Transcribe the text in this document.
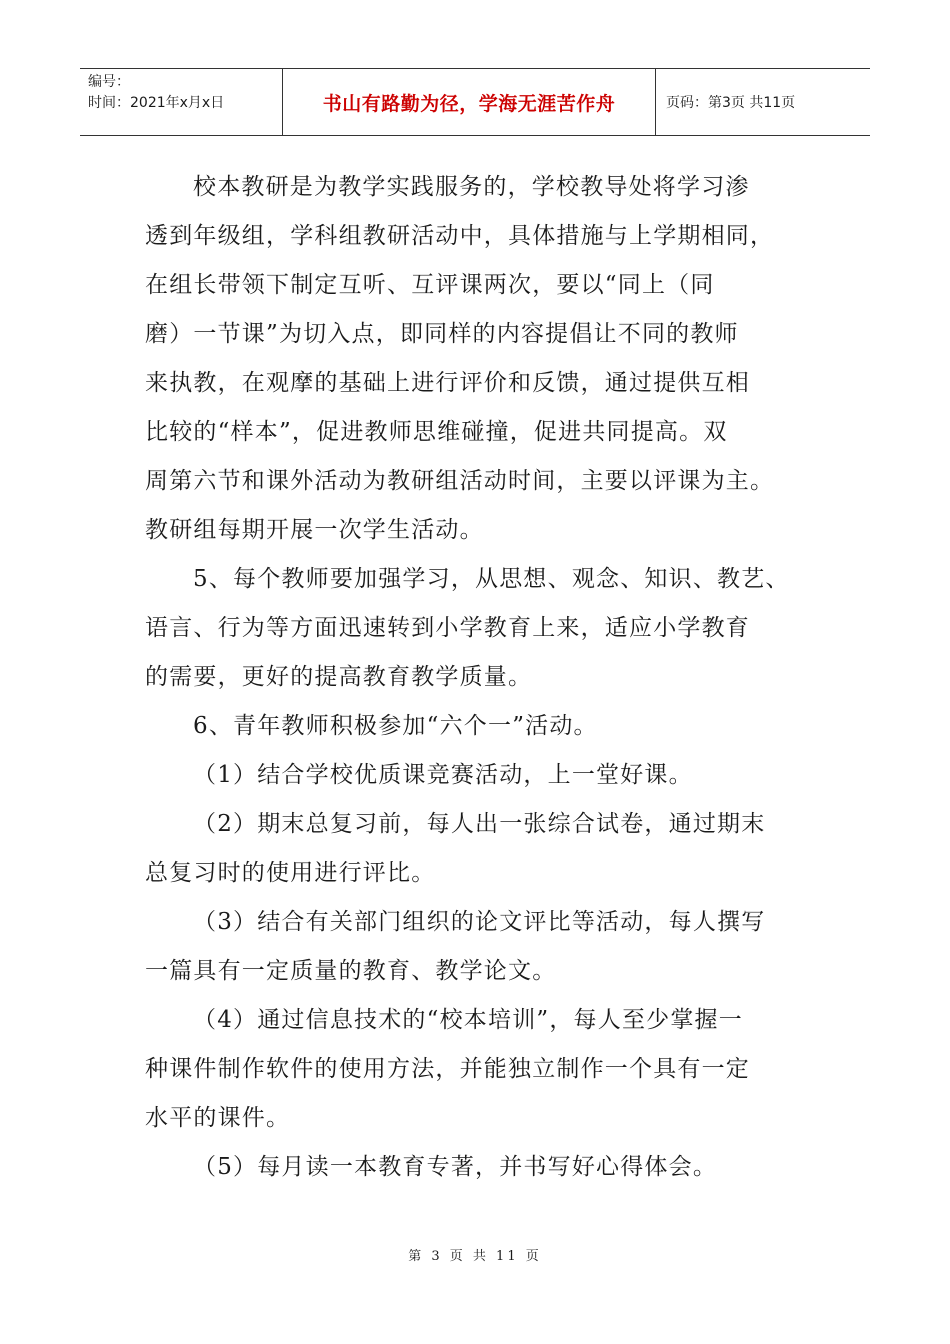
编号：
时间：2021年x月x日	书山有路勤为径，学海无涯苦作舟	页码：第3页 共11页

校本教研是为教学实践服务的，学校教导处将学习渗

透到年级组，学科组教研活动中，具体措施与上学期相同，

在组长带领下制定互听、互评课两次，要以“同上（同

磨）一节课”为切入点，即同样的内容提倡让不同的教师

来执教，在观摩的基础上进行评价和反馈，通过提供互相

比较的“样本”，促进教师思维碰撞，促进共同提高。双

周第六节和课外活动为教研组活动时间，主要以评课为主。

教研组每期开展一次学生活动。

5、每个教师要加强学习，从思想、观念、知识、教艺、

语言、行为等方面迅速转到小学教育上来，适应小学教育

的需要，更好的提高教育教学质量。

6、青年教师积极参加“六个一”活动。

（1）结合学校优质课竞赛活动，上一堂好课。

（2）期末总复习前，每人出一张综合试卷，通过期末

总复习时的使用进行评比。

（3）结合有关部门组织的论文评比等活动，每人撰写

一篇具有一定质量的教育、教学论文。

（4）通过信息技术的“校本培训”，每人至少掌握一

种课件制作软件的使用方法，并能独立制作一个具有一定

水平的课件。

（5）每月读一本教育专著，并书写好心得体会。

第 3 页 共 11 页
